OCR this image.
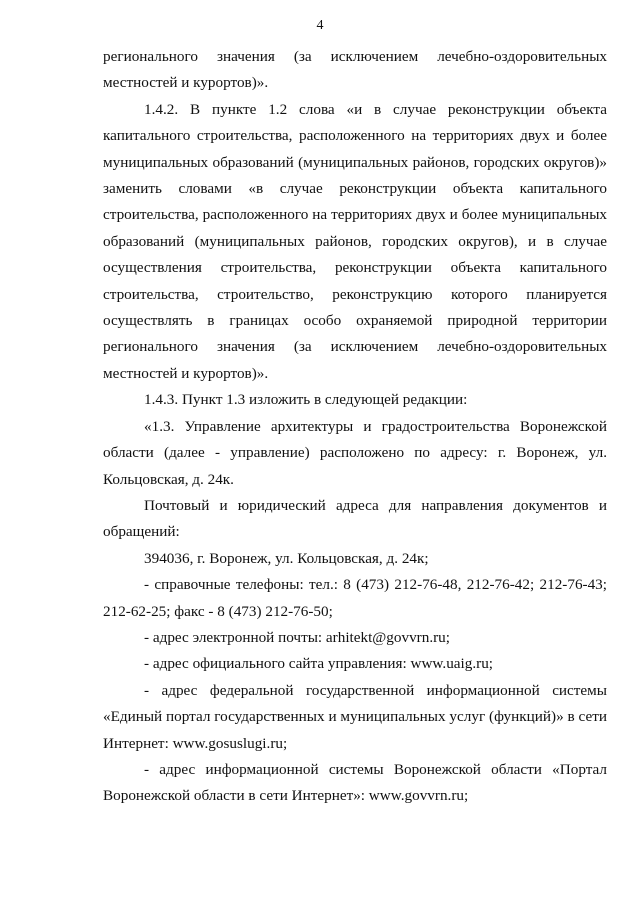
4

регионального значения (за исключением лечебно-оздоровительных местностей и курортов)».

1.4.2. В пункте 1.2 слова «и в случае реконструкции объекта капитального строительства, расположенного на территориях двух и более муниципальных образований (муниципальных районов, городских округов)» заменить словами «в случае реконструкции объекта капитального строительства, расположенного на территориях двух и более муниципальных образований (муниципальных районов, городских округов), и в случае осуществления строительства, реконструкции объекта капитального строительства, строительство, реконструкцию которого планируется осуществлять в границах особо охраняемой природной территории регионального значения (за исключением лечебно-оздоровительных местностей и курортов)».

1.4.3. Пункт 1.3 изложить в следующей редакции:

«1.3. Управление архитектуры и градостроительства Воронежской области (далее - управление) расположено по адресу: г. Воронеж, ул. Кольцовская, д. 24к.

Почтовый и юридический адреса для направления документов и обращений:

394036, г. Воронеж, ул. Кольцовская, д. 24к;

- справочные телефоны: тел.: 8 (473) 212-76-48, 212-76-42; 212-76-43; 212-62-25; факс - 8 (473) 212-76-50;

- адрес электронной почты: arhitekt@govvrn.ru;

- адрес официального сайта управления: www.uaig.ru;

- адрес федеральной государственной информационной системы «Единый портал государственных и муниципальных услуг (функций)» в сети Интернет: www.gosuslugi.ru;

- адрес информационной системы Воронежской области «Портал Воронежской области в сети Интернет»: www.govvrn.ru;
